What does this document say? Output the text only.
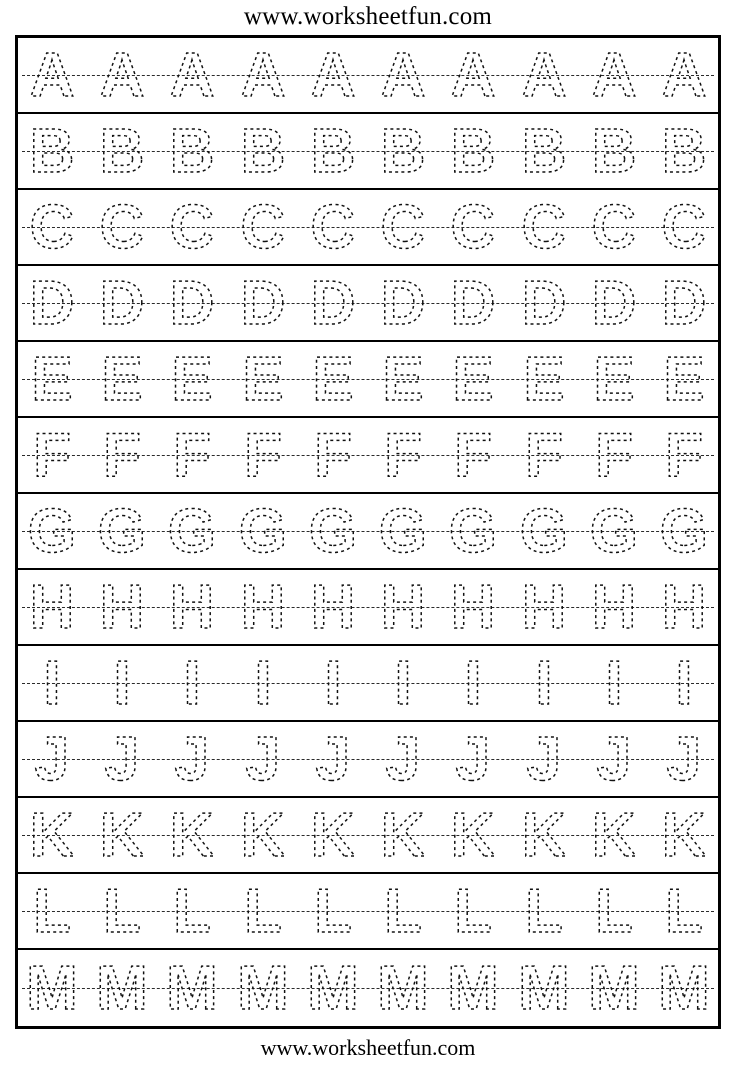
www.worksheetfun.com
www.worksheetfun.com
